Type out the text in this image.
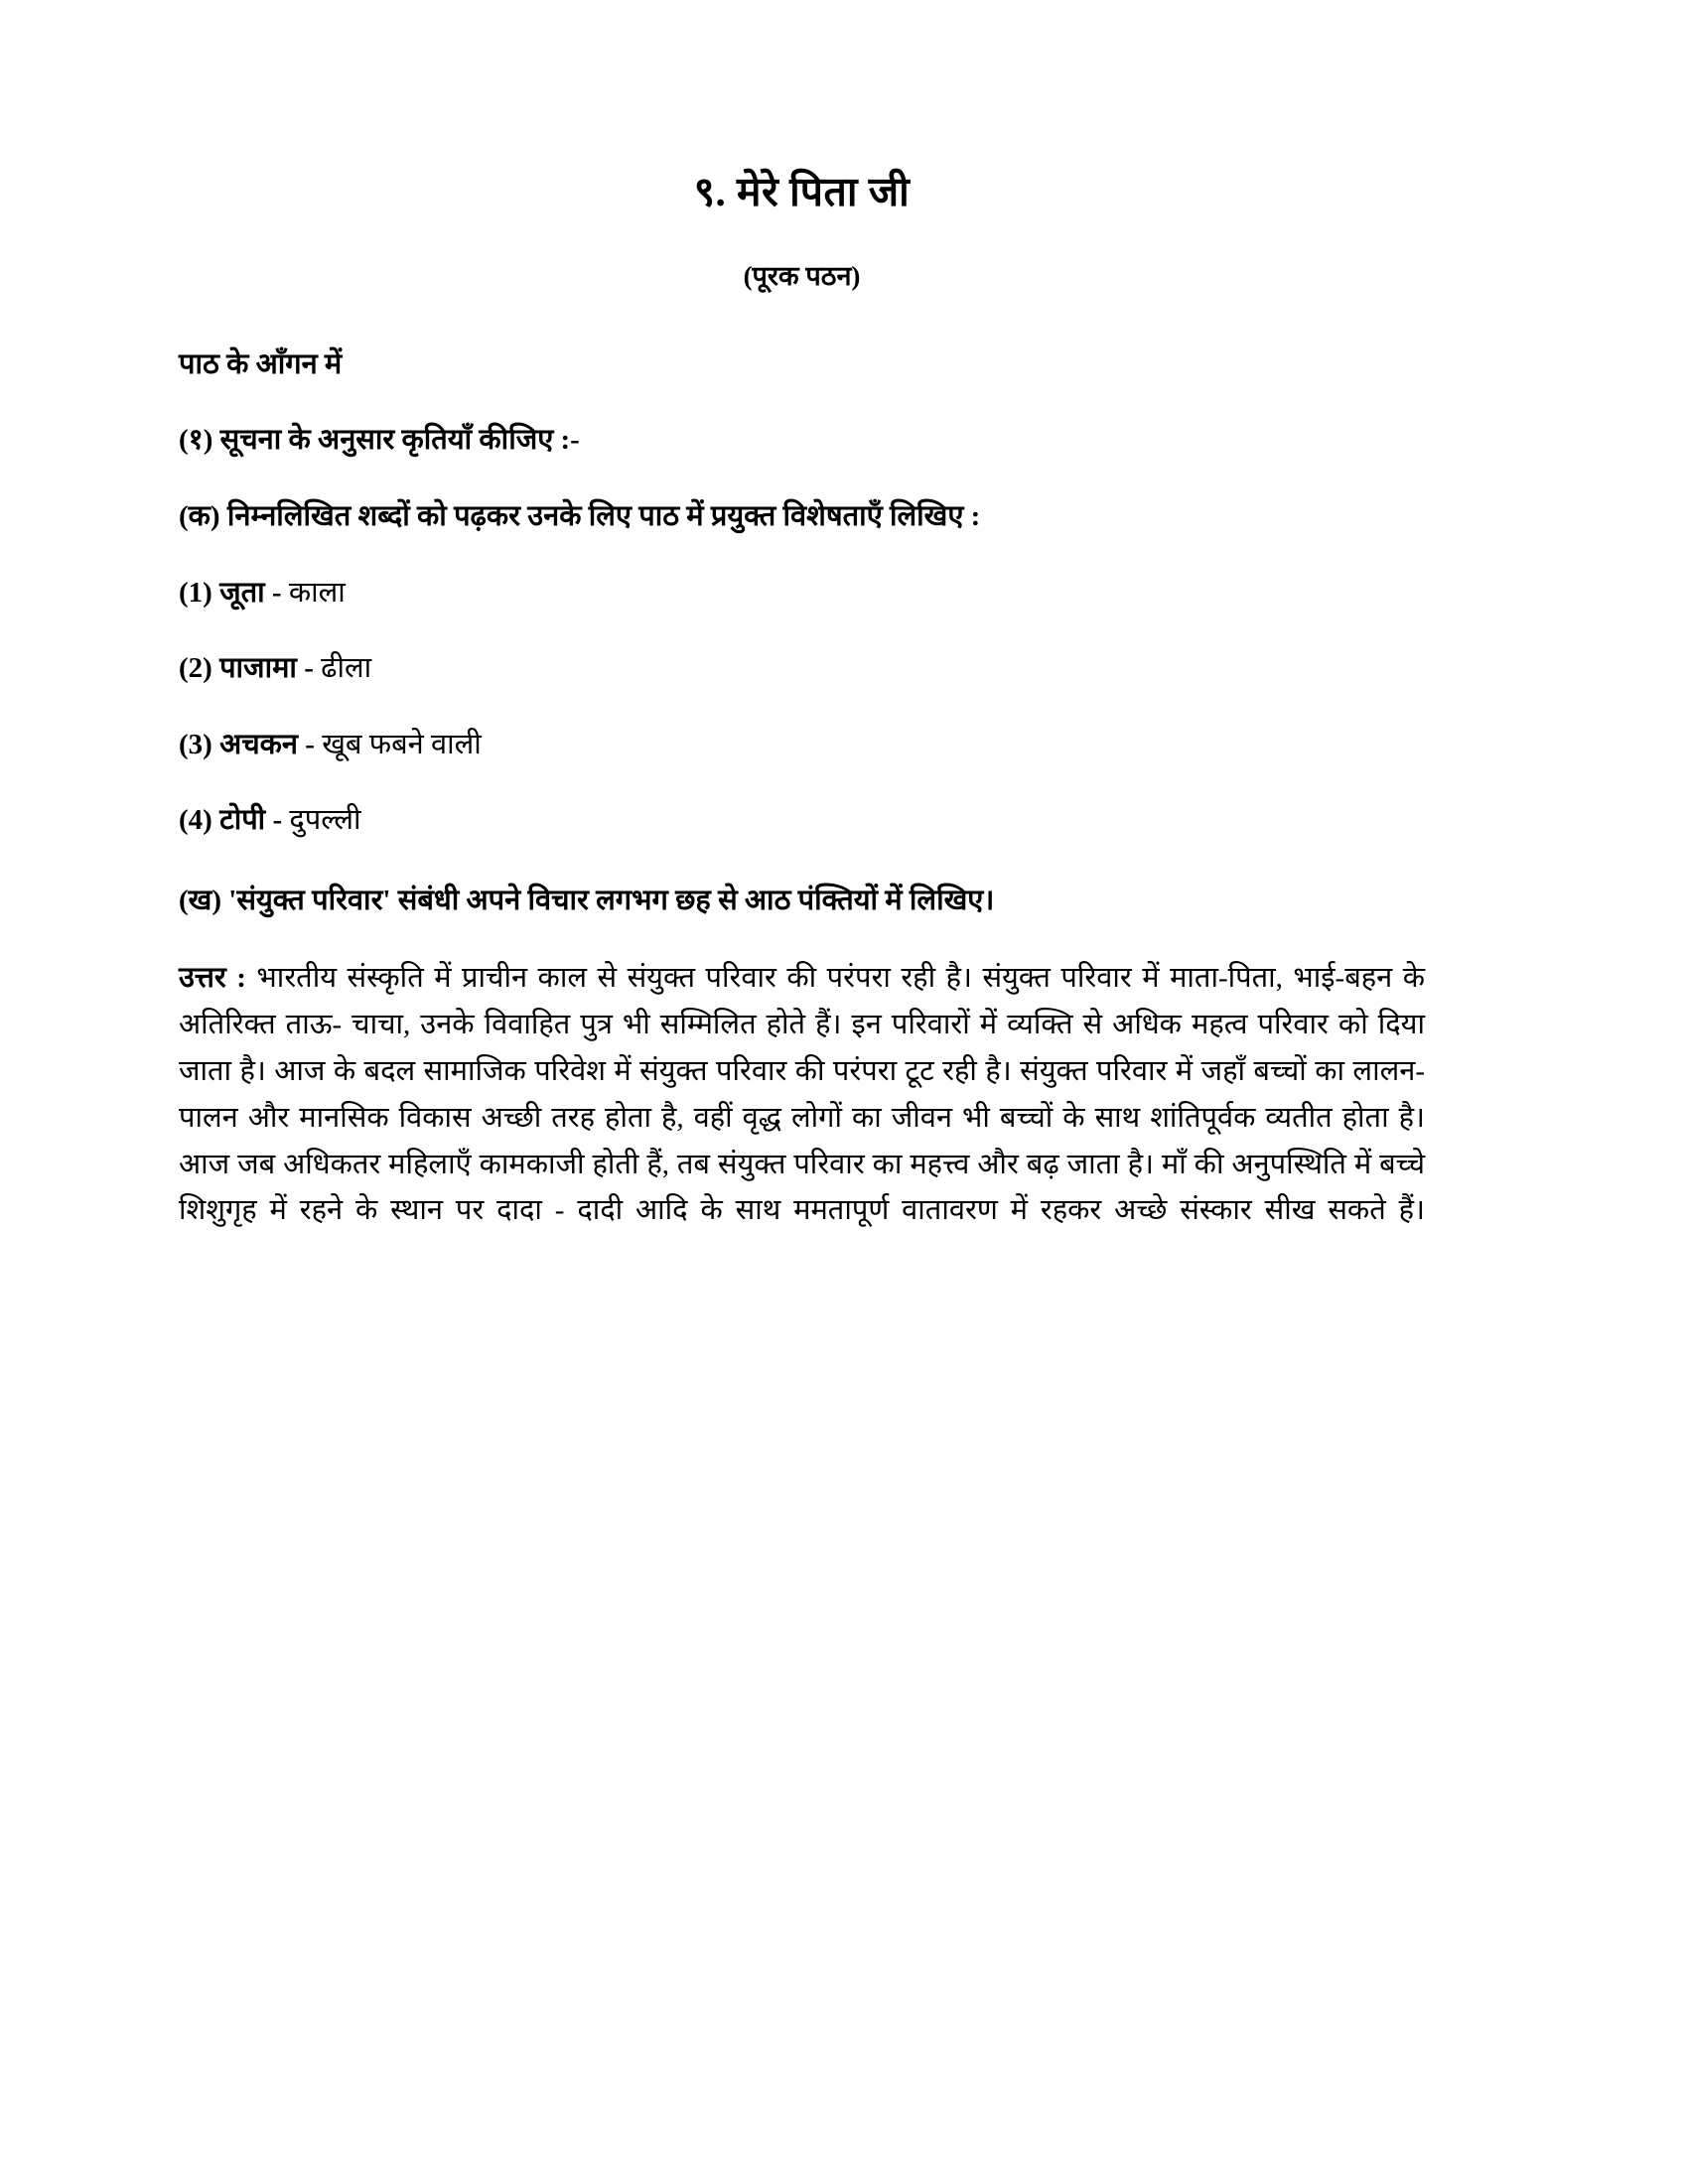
९. मेरे पिता जी
(पूरक पठन)
पाठ के आँगन में
(१) सूचना के अनुसार कृतियाँ कीजिए :-
(क) निम्नलिखित शब्दों को पढ़कर उनके लिए पाठ में प्रयुक्त विशेषताएँ लिखिए :
(1) जूता - काला
(2) पाजामा - ढीला
(3) अचकन - खूब फबने वाली
(4) टोपी - दुपल्ली
(ख) 'संयुक्त परिवार' संबंधी अपने विचार लगभग छह से आठ पंक्तियों में लिखिए।
उत्तर : भारतीय संस्कृति में प्राचीन काल से संयुक्त परिवार की परंपरा रही है। संयुक्त परिवार में माता-पिता, भाई-बहन के अतिरिक्त ताऊ- चाचा, उनके विवाहित पुत्र भी सम्मिलित होते हैं। इन परिवारों में व्यक्ति से अधिक महत्व परिवार को दिया जाता है। आज के बदल सामाजिक परिवेश में संयुक्त परिवार की परंपरा टूट रही है। संयुक्त परिवार में जहाँ बच्चों का लालन-पालन और मानसिक विकास अच्छी तरह होता है, वहीं वृद्ध लोगों का जीवन भी बच्चों के साथ शांतिपूर्वक व्यतीत होता है। आज जब अधिकतर महिलाएँ कामकाजी होती हैं, तब संयुक्त परिवार का महत्त्व और बढ़ जाता है। माँ की अनुपस्थिति में बच्चे शिशुगृह में रहने के स्थान पर दादा - दादी आदि के साथ ममतापूर्ण वातावरण में रहकर अच्छे संस्कार सीख सकते हैं।
